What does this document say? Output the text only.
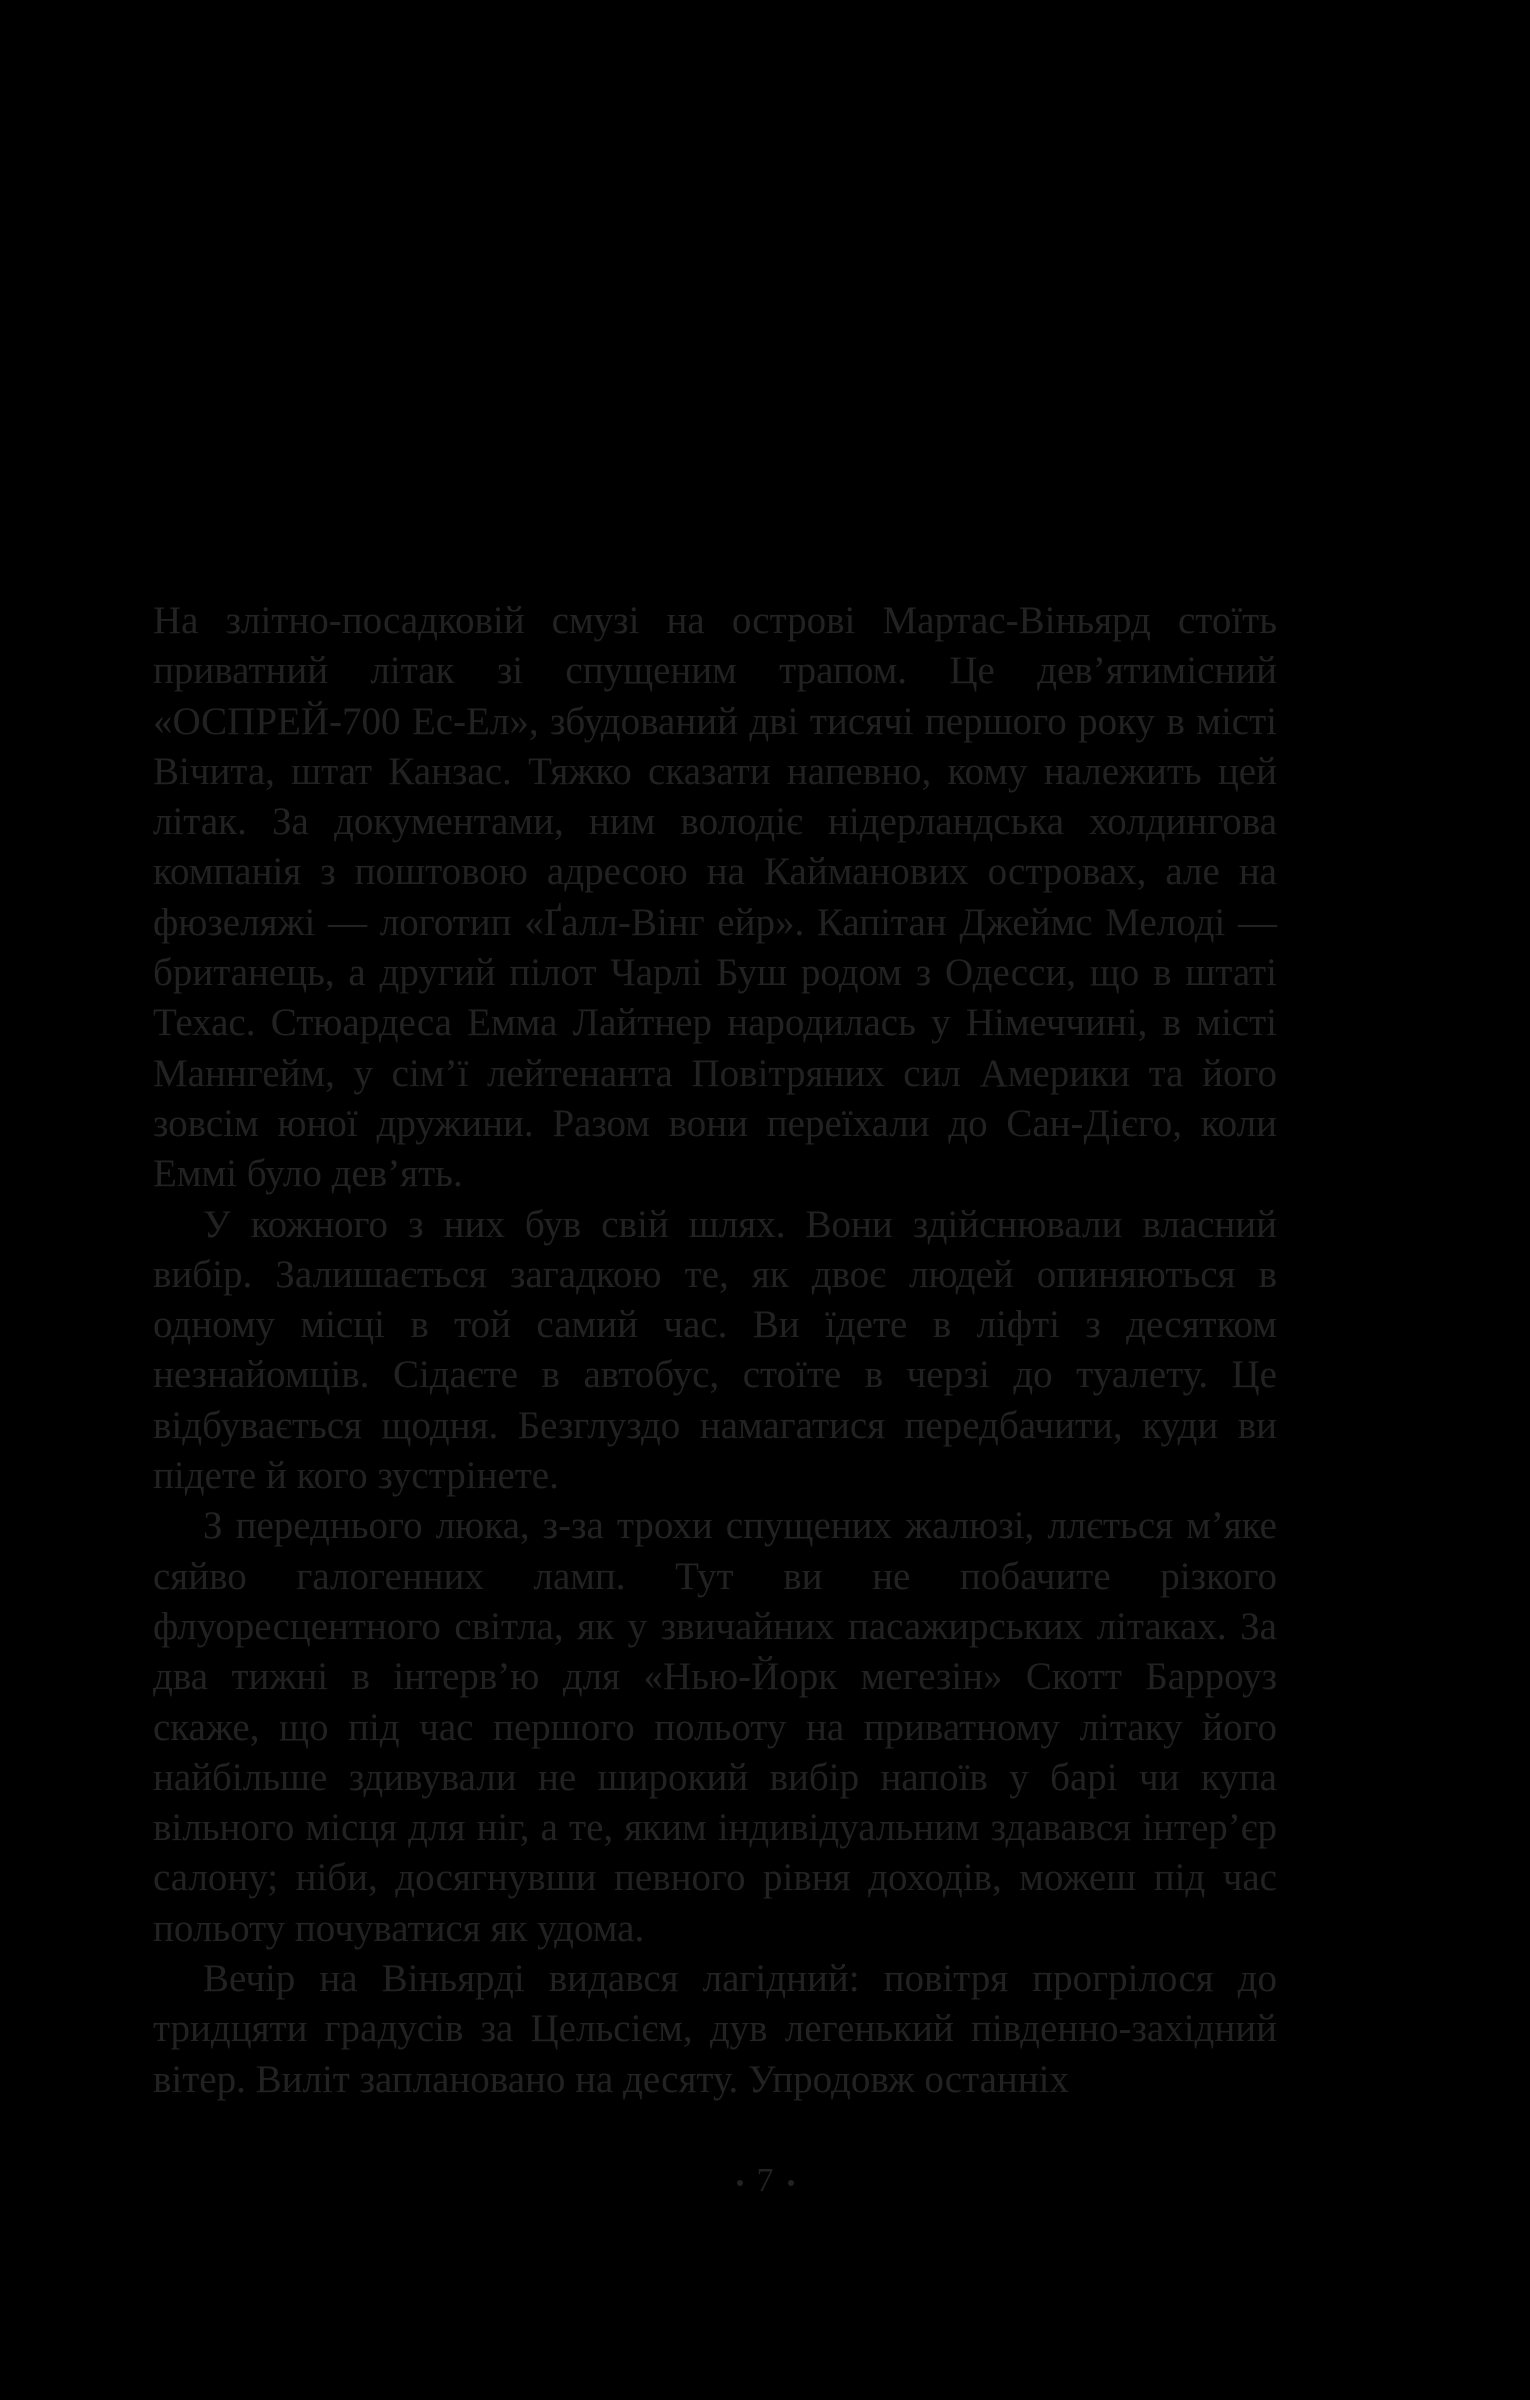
На злітно-посадковій смузі на острові Мартас-Віньярд стоїть приватний літак зі спущеним трапом. Це дев’ятимісний «ОСПРЕЙ-700 Ес-Ел», збудований дві тисячі першого року в місті Вічита, штат Канзас. Тяжко сказати напевно, кому належить цей літак. За документами, ним володіє нідерландська холдингова компанія з поштовою адресою на Кайманових островах, але на фюзеляжі — логотип «Ґалл-Вінг ейр». Капітан Джеймс Мелоді — британець, а другий пілот Чарлі Буш родом з Одесси, що в штаті Техас. Стюардеса Емма Лайтнер народилась у Німеччині, в місті Маннгейм, у сім’ї лейтенанта Повітряних сил Америки та його зовсім юної дружини. Разом вони переїхали до Сан-Дієго, коли Еммі було дев’ять.

У кожного з них був свій шлях. Вони здійснювали власний вибір. Залишається загадкою те, як двоє людей опиняються в одному місці в той самий час. Ви їдете в ліфті з десятком незнайомців. Сідаєте в автобус, стоїте в черзі до туалету. Це відбувається щодня. Безглуздо намагатися передбачити, куди ви підете й кого зустрінете.

З переднього люка, з-за трохи спущених жалюзі, ллється м’яке сяйво галогенних ламп. Тут ви не побачите різкого флуоресцентного світла, як у звичайних пасажирських літаках. За два тижні в інтерв’ю для «Нью-Йорк мегезін» Скотт Барроуз скаже, що під час першого польоту на приватному літаку його найбільше здивували не широкий вибір напоїв у барі чи купа вільного місця для ніг, а те, яким індивідуальним здавався інтер’єр салону; ніби, досягнувши певного рівня доходів, можеш під час польоту почуватися як удома.

Вечір на Віньярді видався лагідний: повітря прогрілося до тридцяти градусів за Цельсієм, дув легенький південно-західний вітер. Виліт заплановано на десяту. Упродовж останніх

7
